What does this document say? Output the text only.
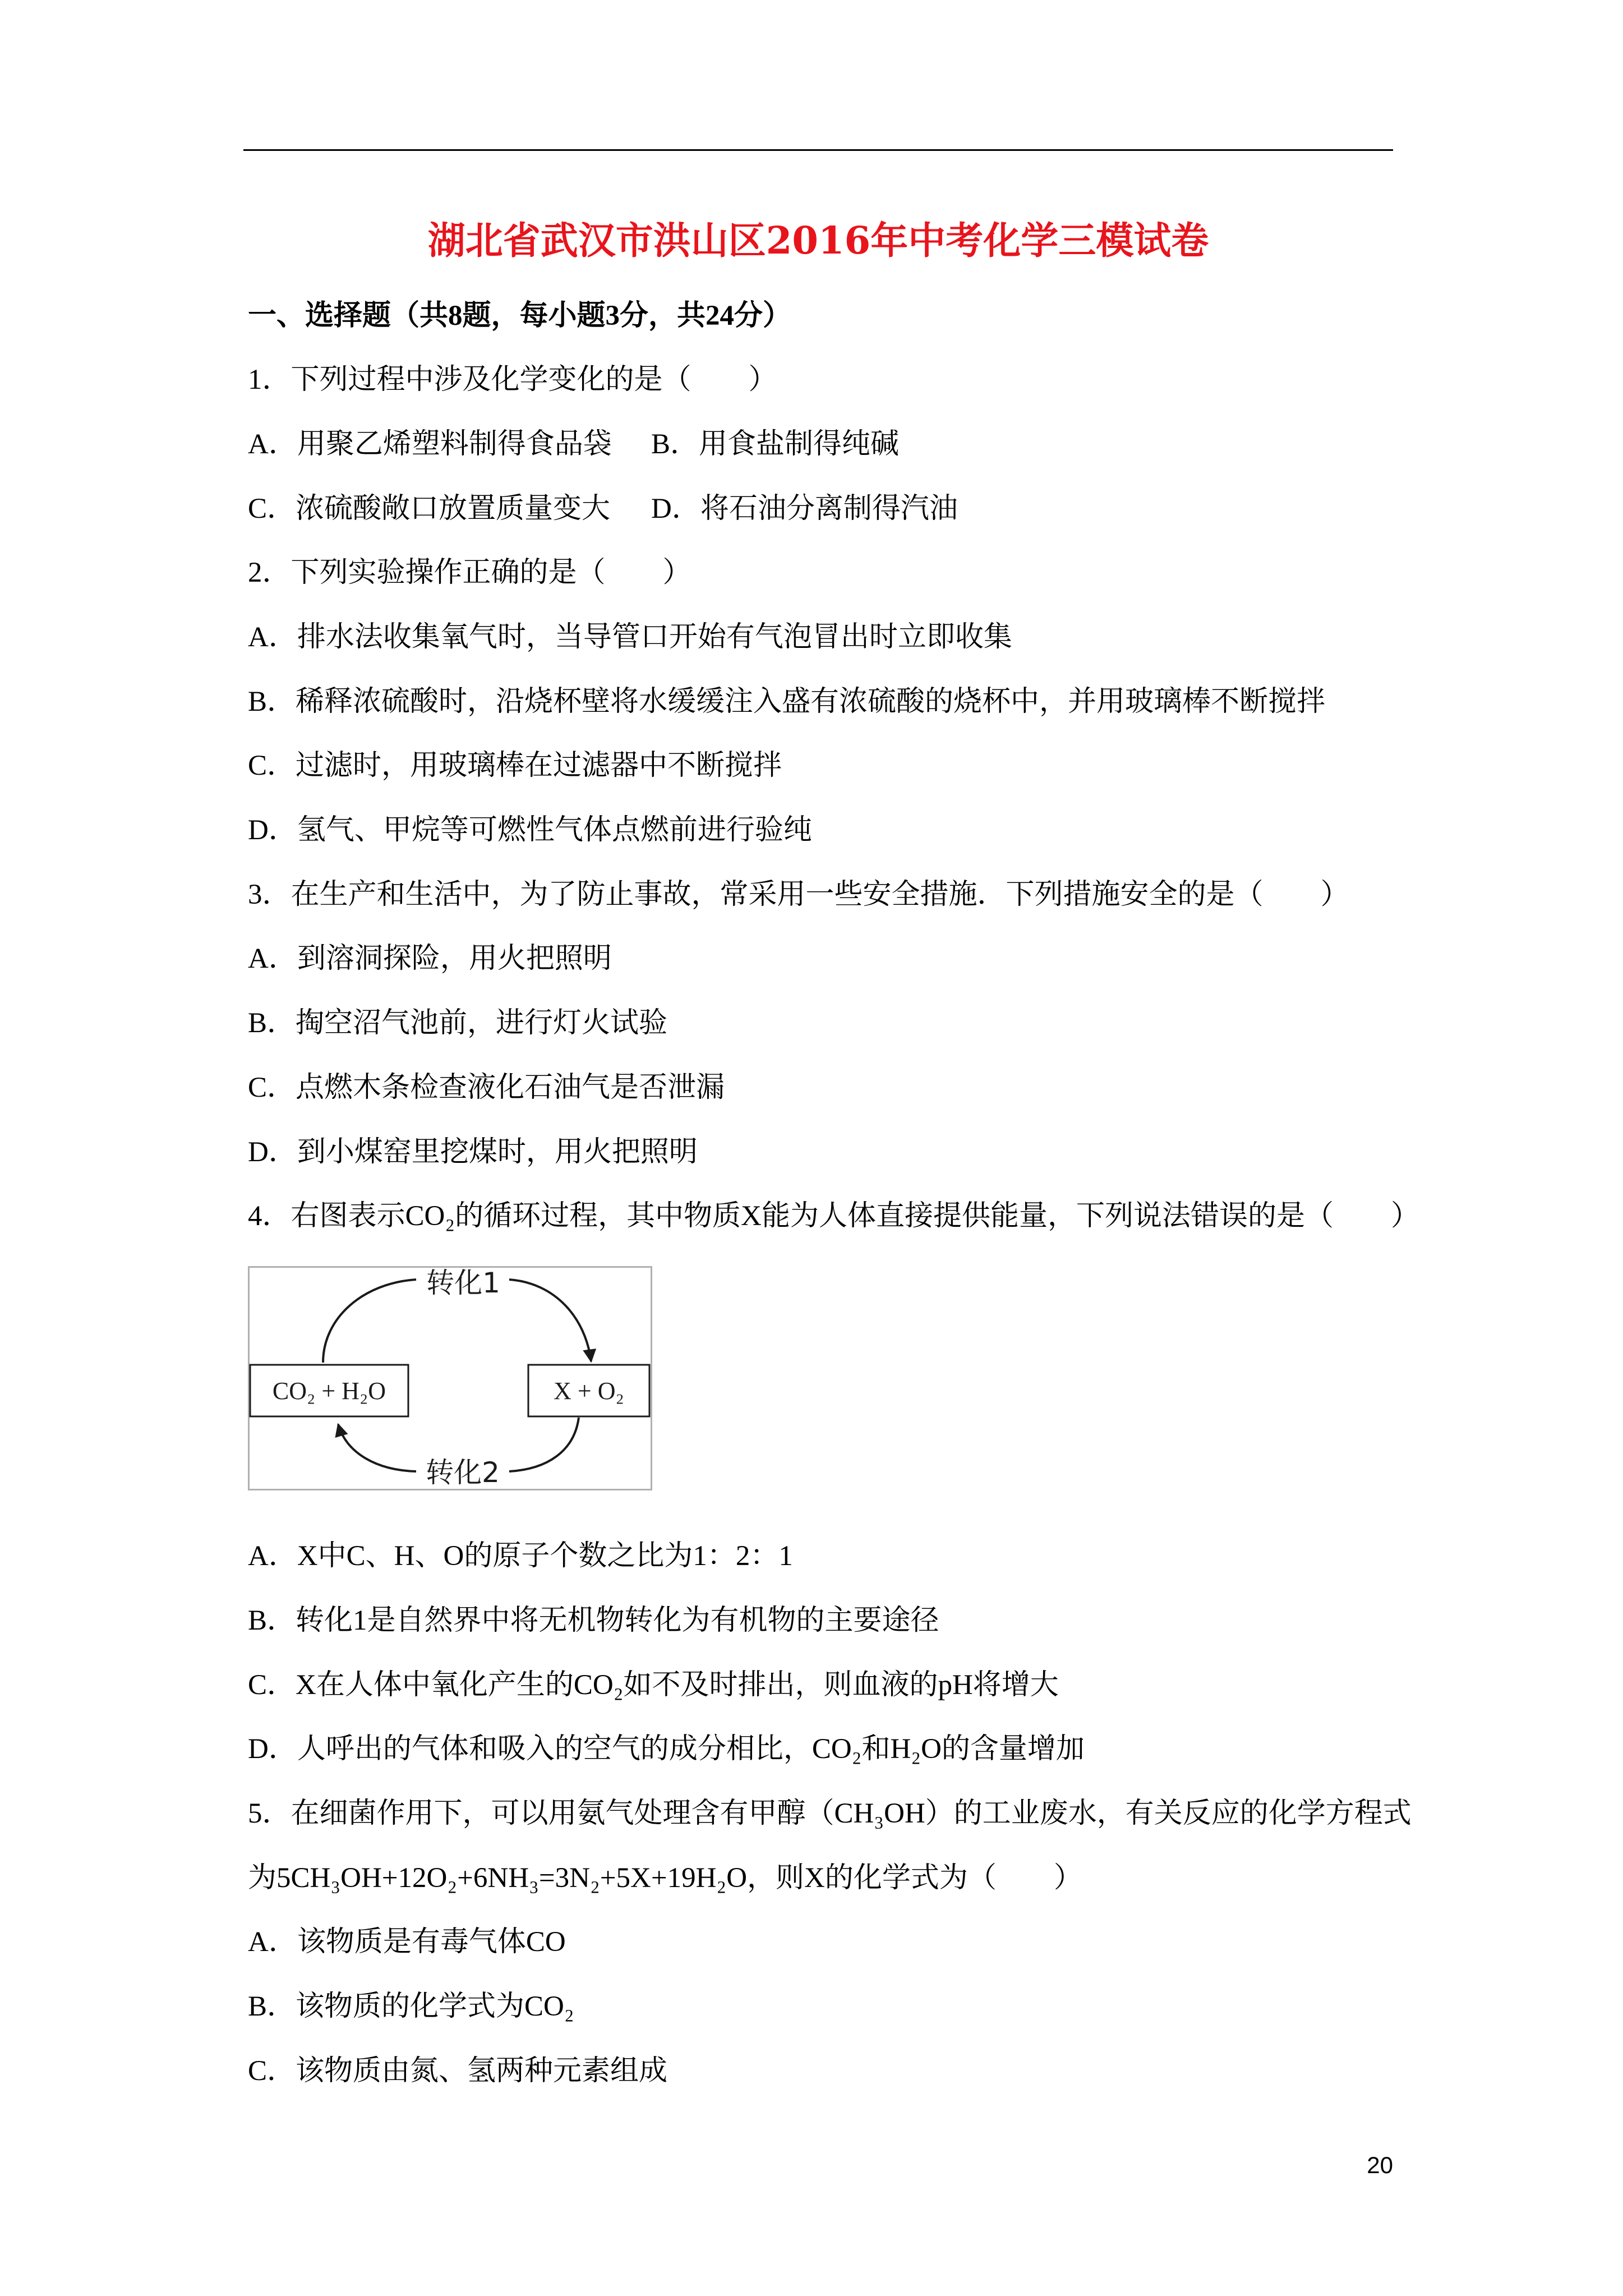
湖北省武汉市洪山区2016年中考化学三模试卷
一、选择题（共8题，每小题3分，共24分）
1．下列过程中涉及化学变化的是（　　）
A．用聚乙烯塑料制得食品袋 B．用食盐制得纯碱
C．浓硫酸敞口放置质量变大 D．将石油分离制得汽油
2．下列实验操作正确的是（　　）
A．排水法收集氧气时，当导管口开始有气泡冒出时立即收集
B．稀释浓硫酸时，沿烧杯壁将水缓缓注入盛有浓硫酸的烧杯中，并用玻璃棒不断搅拌
C．过滤时，用玻璃棒在过滤器中不断搅拌
D．氢气、甲烷等可燃性气体点燃前进行验纯
3．在生产和生活中，为了防止事故，常采用一些安全措施．下列措施安全的是（　　）
A．到溶洞探险，用火把照明
B．掏空沼气池前，进行灯火试验
C．点燃木条检查液化石油气是否泄漏
D．到小煤窑里挖煤时，用火把照明
4．右图表示CO₂的循环过程，其中物质X能为人体直接提供能量，下列说法错误的是（　　）
转化1
CO₂ + H₂O	X + O₂
转化2
A．X中C、H、O的原子个数之比为1：2：1
B．转化1是自然界中将无机物转化为有机物的主要途径
C．X在人体中氧化产生的CO₂如不及时排出，则血液的pH将增大
D．人呼出的气体和吸入的空气的成分相比，CO₂和H₂O的含量增加
5．在细菌作用下，可以用氨气处理含有甲醇（CH₃OH）的工业废水，有关反应的化学方程式
为5CH₃OH+12O₂+6NH₃=3N₂+5X+19H₂O，则X的化学式为（　　）
A．该物质是有毒气体CO
B．该物质的化学式为CO₂
C．该物质由氮、氢两种元素组成
20
